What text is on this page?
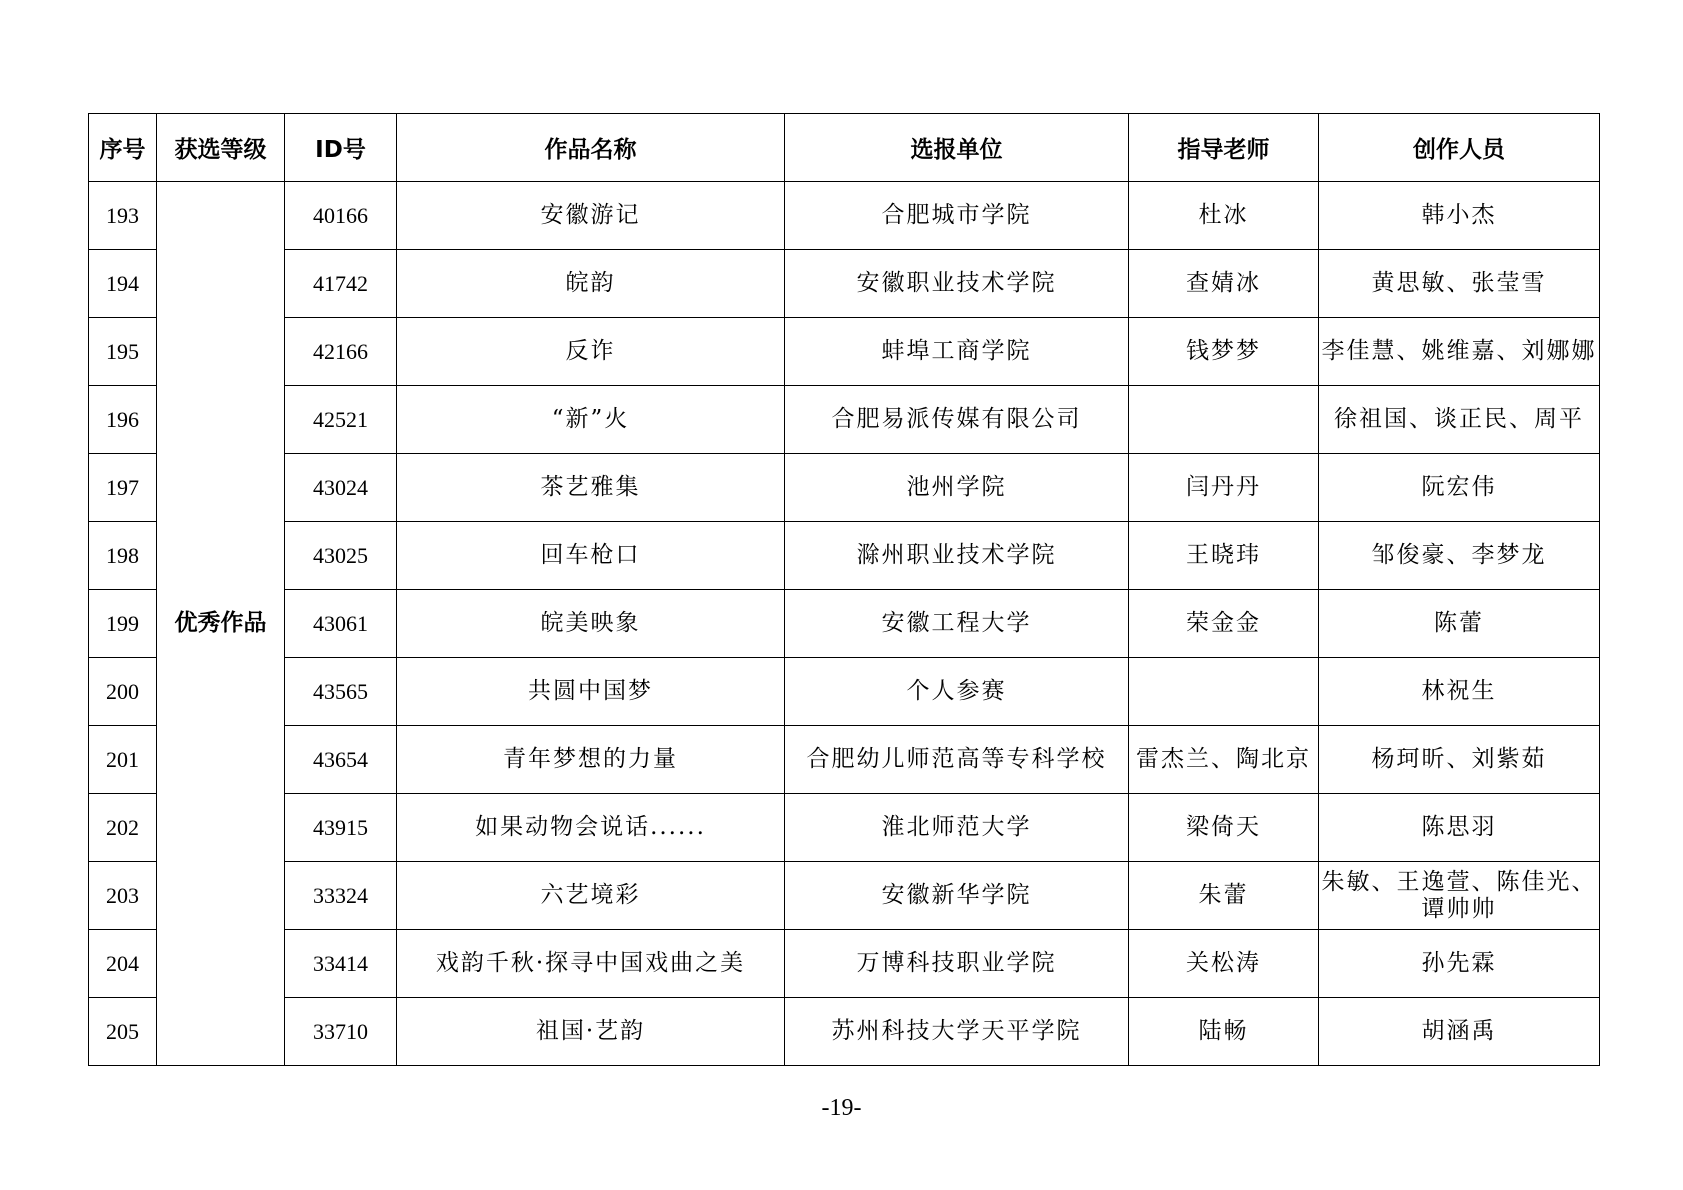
序号	获选等级	ID号	作品名称	选报单位	指导老师	创作人员
193	优秀作品	40166	安徽游记	合肥城市学院	杜冰	韩小杰
194		41742	皖韵	安徽职业技术学院	查婧冰	黄思敏、张莹雪
195		42166	反诈	蚌埠工商学院	钱梦梦	李佳慧、姚维嘉、刘娜娜
196		42521	“新”火	合肥易派传媒有限公司		徐祖国、谈正民、周平
197		43024	茶艺雅集	池州学院	闫丹丹	阮宏伟
198		43025	回车枪口	滁州职业技术学院	王晓玮	邹俊豪、李梦龙
199		43061	皖美映象	安徽工程大学	荣金金	陈蕾
200		43565	共圆中国梦	个人参赛		林祝生
201		43654	青年梦想的力量	合肥幼儿师范高等专科学校	雷杰兰、陶北京	杨珂昕、刘紫茹
202		43915	如果动物会说话......	淮北师范大学	梁倚天	陈思羽
203		33324	六艺境彩	安徽新华学院	朱蕾	朱敏、王逸萱、陈佳光、谭帅帅
204		33414	戏韵千秋·探寻中国戏曲之美	万博科技职业学院	关松涛	孙先霖
205		33710	祖国·艺韵	苏州科技大学天平学院	陆畅	胡涵禹
-19-
